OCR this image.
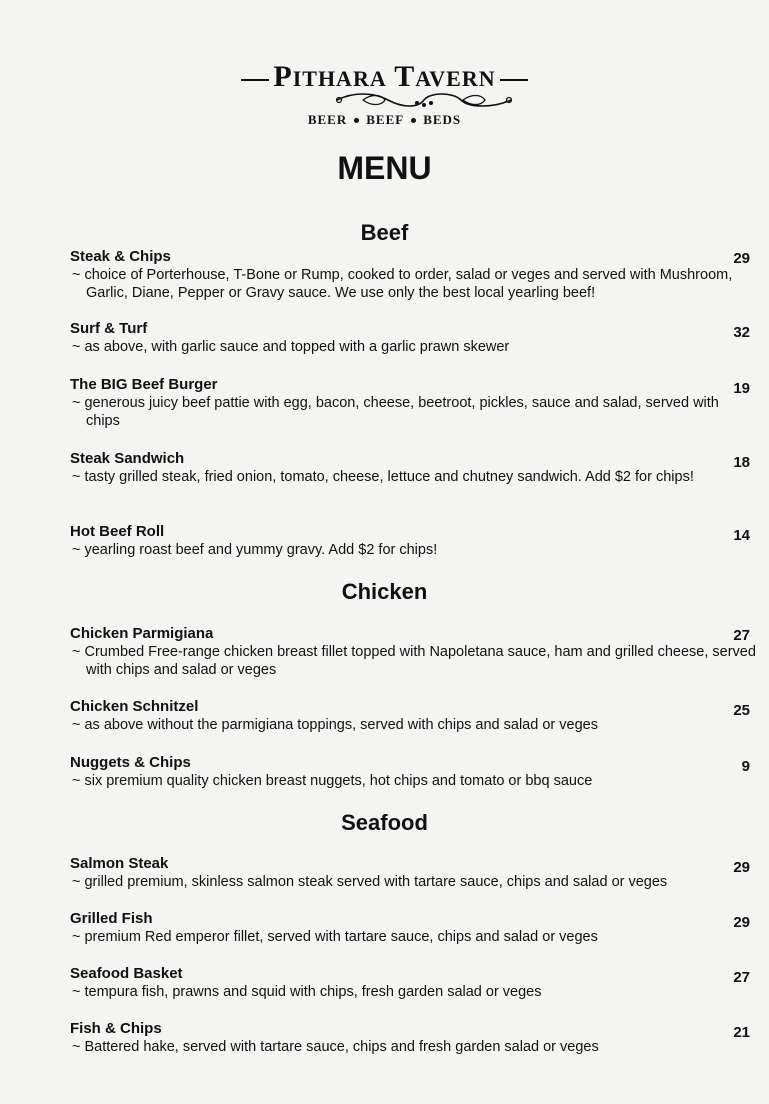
PITHARA TAVERN
BEER BEEF BEDS
MENU
Beef
Steak & Chips
~ choice of Porterhouse, T-Bone or Rump, cooked to order, salad or veges and served with Mushroom, Garlic, Diane, Pepper or Gravy sauce. We use only the best local yearling beef!
29
Surf & Turf
~ as above, with garlic sauce and topped with a garlic prawn skewer
32
The BIG Beef Burger
~ generous juicy beef pattie with egg, bacon, cheese, beetroot, pickles, sauce and salad, served with chips
19
Steak Sandwich
~ tasty grilled steak, fried onion, tomato, cheese, lettuce and chutney sandwich. Add $2 for chips!
18
Hot Beef Roll
~ yearling roast beef and yummy gravy. Add $2 for chips!
14
Chicken
Chicken Parmigiana
~ Crumbed Free-range chicken breast fillet topped with Napoletana sauce, ham and grilled cheese, served with chips and salad or veges
27
Chicken Schnitzel
~ as above without the parmigiana toppings, served with chips and salad or veges
25
Nuggets & Chips
~ six premium quality chicken breast nuggets, hot chips and tomato or bbq sauce
9
Seafood
Salmon Steak
~ grilled premium, skinless salmon steak served with tartare sauce, chips and salad or veges
29
Grilled Fish
~ premium Red emperor fillet, served with tartare sauce, chips and salad or veges
29
Seafood Basket
~ tempura fish, prawns and squid with chips, fresh garden salad or veges
27
Fish & Chips
~ Battered hake, served with tartare sauce, chips and fresh garden salad or veges
21
